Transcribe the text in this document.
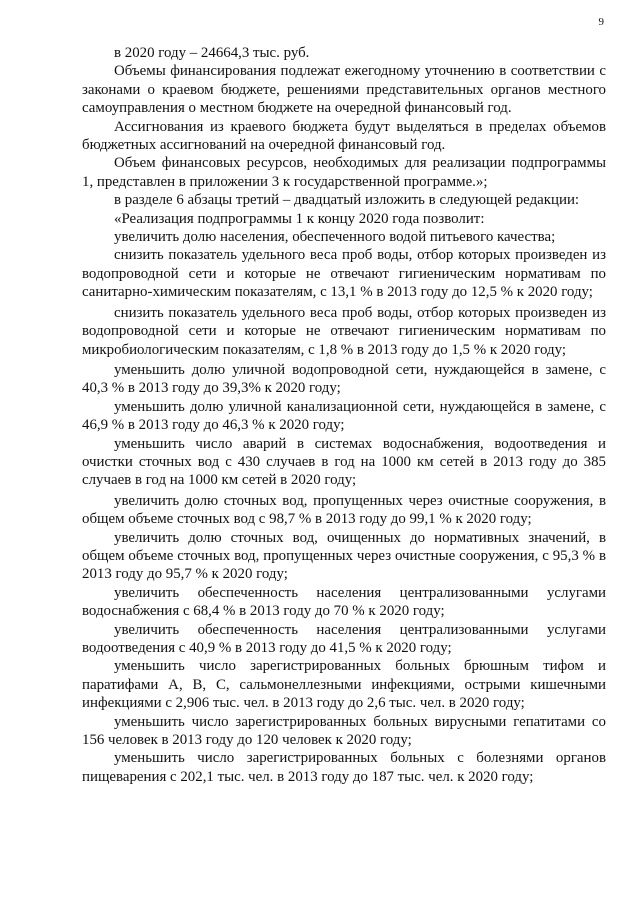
9

в 2020 году – 24664,3 тыс. руб.

Объемы финансирования подлежат ежегодному уточнению в соответствии с законами о краевом бюджете, решениями представительных органов местного самоуправления о местном бюджете на очередной финансовый год.

Ассигнования из краевого бюджета будут выделяться в пределах объемов бюджетных ассигнований на очередной финансовый год.

Объем финансовых ресурсов, необходимых для реализации подпрограммы 1, представлен в приложении 3 к государственной программе.»;

в разделе 6 абзацы третий – двадцатый изложить в следующей редакции:

«Реализация подпрограммы 1 к концу 2020 года позволит:

увеличить долю населения, обеспеченного водой питьевого качества;

снизить показатель удельного веса проб воды, отбор которых произведен из водопроводной сети и которые не отвечают гигиеническим нормативам по санитарно-химическим показателям, с 13,1 % в 2013 году до 12,5 % к 2020 году;

снизить показатель удельного веса проб воды, отбор которых произведен из водопроводной сети и которые не отвечают гигиеническим нормативам по микробиологическим показателям, с 1,8 % в 2013 году до 1,5 % к 2020 году;

уменьшить долю уличной водопроводной сети, нуждающейся в замене, с 40,3 % в 2013 году до 39,3% к 2020 году;

уменьшить долю уличной канализационной сети, нуждающейся в замене, с 46,9 % в 2013 году до 46,3 % к 2020 году;

уменьшить число аварий в системах водоснабжения, водоотведения и очистки сточных вод с 430 случаев в год на 1000 км сетей в 2013 году до 385 случаев в год на 1000 км сетей в 2020 году;

увеличить долю сточных вод, пропущенных через очистные сооружения, в общем объеме сточных вод с 98,7 % в 2013 году до 99,1 % к 2020 году;

увеличить долю сточных вод, очищенных до нормативных значений, в общем объеме сточных вод, пропущенных через очистные сооружения, с 95,3 % в 2013 году до 95,7 % к 2020 году;

увеличить обеспеченность населения централизованными услугами водоснабжения с 68,4 % в 2013 году до 70 % к 2020 году;

увеличить обеспеченность населения централизованными услугами водоотведения с 40,9 % в 2013 году до 41,5 % к 2020 году;

уменьшить число зарегистрированных больных брюшным тифом и паратифами А, В, С, сальмонеллезными инфекциями, острыми кишечными инфекциями с 2,906 тыс. чел. в 2013 году до 2,6 тыс. чел. в 2020 году;

уменьшить число зарегистрированных больных вирусными гепатитами со 156 человек в 2013 году до 120 человек к 2020 году;

уменьшить число зарегистрированных больных с болезнями органов пищеварения с 202,1 тыс. чел. в 2013 году до 187 тыс. чел. к 2020 году;
